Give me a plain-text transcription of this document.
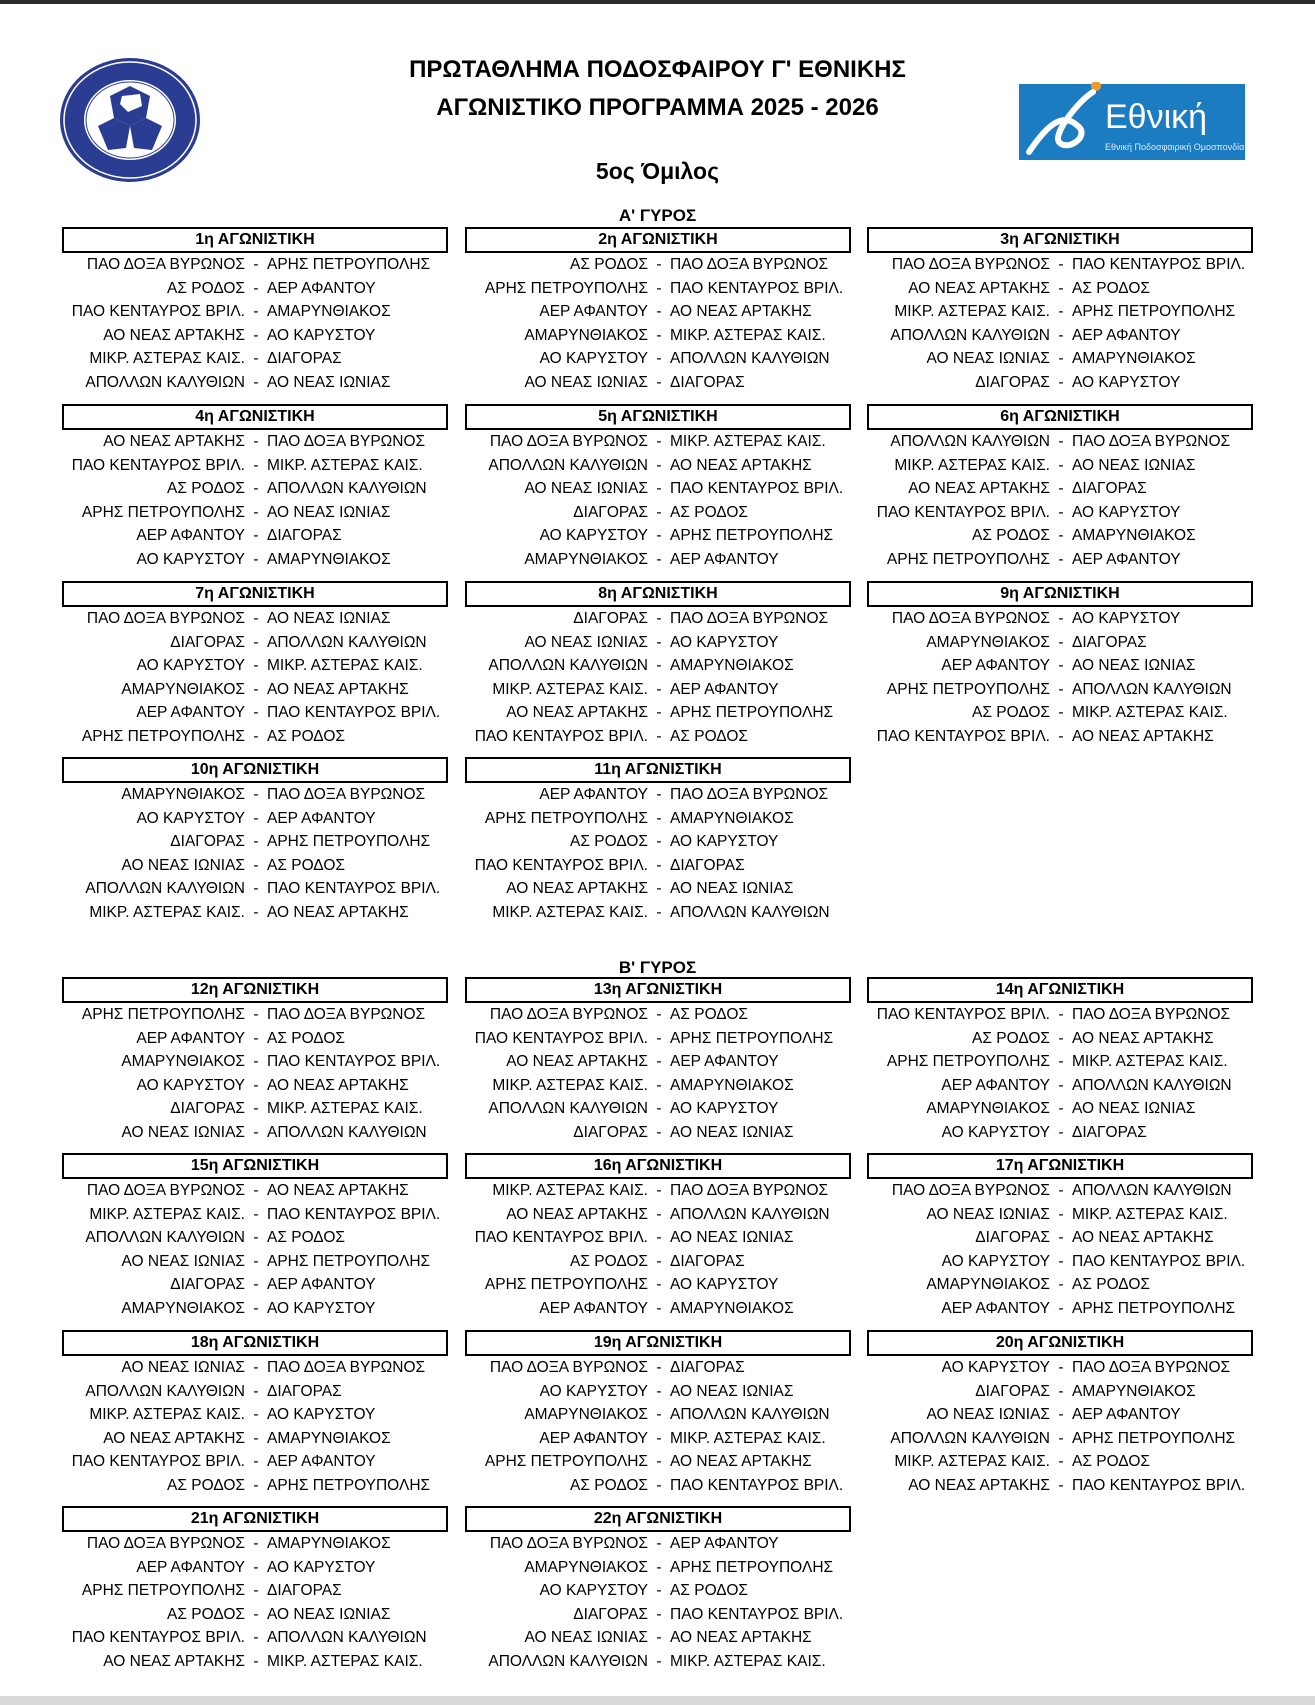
Εθνική
Εθνική Ποδοσφαιρική Ομοσπονδία
ΠΡΩΤΑΘΛΗΜΑ ΠΟΔΟΣΦΑΙΡΟΥ Γ' ΕΘΝΙΚΗΣ
ΑΓΩΝΙΣΤΙΚΟ ΠΡΟΓΡΑΜΜΑ 2025 - 2026
5ος Όμιλος
Α' ΓΥΡΟΣ
Β' ΓΥΡΟΣ
1η ΑΓΩΝΙΣΤΙΚΗ
ΠΑΟ ΔΟΞΑ ΒΥΡΩΝΟΣ - ΑΡΗΣ ΠΕΤΡΟΥΠΟΛΗΣ
ΑΣ ΡΟΔΟΣ - ΑΕΡ ΑΦΑΝΤΟΥ
ΠΑΟ ΚΕΝΤΑΥΡΟΣ ΒΡΙΛ. - ΑΜΑΡΥΝΘΙΑΚΟΣ
ΑΟ ΝΕΑΣ ΑΡΤΑΚΗΣ - ΑΟ ΚΑΡΥΣΤΟΥ
ΜΙΚΡ. ΑΣΤΕΡΑΣ ΚΑΙΣ. - ΔΙΑΓΟΡΑΣ
ΑΠΟΛΛΩΝ ΚΑΛΥΘΙΩΝ - ΑΟ ΝΕΑΣ ΙΩΝΙΑΣ
2η ΑΓΩΝΙΣΤΙΚΗ
ΑΣ ΡΟΔΟΣ - ΠΑΟ ΔΟΞΑ ΒΥΡΩΝΟΣ
ΑΡΗΣ ΠΕΤΡΟΥΠΟΛΗΣ - ΠΑΟ ΚΕΝΤΑΥΡΟΣ ΒΡΙΛ.
ΑΕΡ ΑΦΑΝΤΟΥ - ΑΟ ΝΕΑΣ ΑΡΤΑΚΗΣ
ΑΜΑΡΥΝΘΙΑΚΟΣ - ΜΙΚΡ. ΑΣΤΕΡΑΣ ΚΑΙΣ.
ΑΟ ΚΑΡΥΣΤΟΥ - ΑΠΟΛΛΩΝ ΚΑΛΥΘΙΩΝ
ΑΟ ΝΕΑΣ ΙΩΝΙΑΣ - ΔΙΑΓΟΡΑΣ
3η ΑΓΩΝΙΣΤΙΚΗ
ΠΑΟ ΔΟΞΑ ΒΥΡΩΝΟΣ - ΠΑΟ ΚΕΝΤΑΥΡΟΣ ΒΡΙΛ.
ΑΟ ΝΕΑΣ ΑΡΤΑΚΗΣ - ΑΣ ΡΟΔΟΣ
ΜΙΚΡ. ΑΣΤΕΡΑΣ ΚΑΙΣ. - ΑΡΗΣ ΠΕΤΡΟΥΠΟΛΗΣ
ΑΠΟΛΛΩΝ ΚΑΛΥΘΙΩΝ - ΑΕΡ ΑΦΑΝΤΟΥ
ΑΟ ΝΕΑΣ ΙΩΝΙΑΣ - ΑΜΑΡΥΝΘΙΑΚΟΣ
ΔΙΑΓΟΡΑΣ - ΑΟ ΚΑΡΥΣΤΟΥ
4η ΑΓΩΝΙΣΤΙΚΗ
ΑΟ ΝΕΑΣ ΑΡΤΑΚΗΣ - ΠΑΟ ΔΟΞΑ ΒΥΡΩΝΟΣ
ΠΑΟ ΚΕΝΤΑΥΡΟΣ ΒΡΙΛ. - ΜΙΚΡ. ΑΣΤΕΡΑΣ ΚΑΙΣ.
ΑΣ ΡΟΔΟΣ - ΑΠΟΛΛΩΝ ΚΑΛΥΘΙΩΝ
ΑΡΗΣ ΠΕΤΡΟΥΠΟΛΗΣ - ΑΟ ΝΕΑΣ ΙΩΝΙΑΣ
ΑΕΡ ΑΦΑΝΤΟΥ - ΔΙΑΓΟΡΑΣ
ΑΟ ΚΑΡΥΣΤΟΥ - ΑΜΑΡΥΝΘΙΑΚΟΣ
5η ΑΓΩΝΙΣΤΙΚΗ
ΠΑΟ ΔΟΞΑ ΒΥΡΩΝΟΣ - ΜΙΚΡ. ΑΣΤΕΡΑΣ ΚΑΙΣ.
ΑΠΟΛΛΩΝ ΚΑΛΥΘΙΩΝ - ΑΟ ΝΕΑΣ ΑΡΤΑΚΗΣ
ΑΟ ΝΕΑΣ ΙΩΝΙΑΣ - ΠΑΟ ΚΕΝΤΑΥΡΟΣ ΒΡΙΛ.
ΔΙΑΓΟΡΑΣ - ΑΣ ΡΟΔΟΣ
ΑΟ ΚΑΡΥΣΤΟΥ - ΑΡΗΣ ΠΕΤΡΟΥΠΟΛΗΣ
ΑΜΑΡΥΝΘΙΑΚΟΣ - ΑΕΡ ΑΦΑΝΤΟΥ
6η ΑΓΩΝΙΣΤΙΚΗ
ΑΠΟΛΛΩΝ ΚΑΛΥΘΙΩΝ - ΠΑΟ ΔΟΞΑ ΒΥΡΩΝΟΣ
ΜΙΚΡ. ΑΣΤΕΡΑΣ ΚΑΙΣ. - ΑΟ ΝΕΑΣ ΙΩΝΙΑΣ
ΑΟ ΝΕΑΣ ΑΡΤΑΚΗΣ - ΔΙΑΓΟΡΑΣ
ΠΑΟ ΚΕΝΤΑΥΡΟΣ ΒΡΙΛ. - ΑΟ ΚΑΡΥΣΤΟΥ
ΑΣ ΡΟΔΟΣ - ΑΜΑΡΥΝΘΙΑΚΟΣ
ΑΡΗΣ ΠΕΤΡΟΥΠΟΛΗΣ - ΑΕΡ ΑΦΑΝΤΟΥ
7η ΑΓΩΝΙΣΤΙΚΗ
ΠΑΟ ΔΟΞΑ ΒΥΡΩΝΟΣ - ΑΟ ΝΕΑΣ ΙΩΝΙΑΣ
ΔΙΑΓΟΡΑΣ - ΑΠΟΛΛΩΝ ΚΑΛΥΘΙΩΝ
ΑΟ ΚΑΡΥΣΤΟΥ - ΜΙΚΡ. ΑΣΤΕΡΑΣ ΚΑΙΣ.
ΑΜΑΡΥΝΘΙΑΚΟΣ - ΑΟ ΝΕΑΣ ΑΡΤΑΚΗΣ
ΑΕΡ ΑΦΑΝΤΟΥ - ΠΑΟ ΚΕΝΤΑΥΡΟΣ ΒΡΙΛ.
ΑΡΗΣ ΠΕΤΡΟΥΠΟΛΗΣ - ΑΣ ΡΟΔΟΣ
8η ΑΓΩΝΙΣΤΙΚΗ
ΔΙΑΓΟΡΑΣ - ΠΑΟ ΔΟΞΑ ΒΥΡΩΝΟΣ
ΑΟ ΝΕΑΣ ΙΩΝΙΑΣ - ΑΟ ΚΑΡΥΣΤΟΥ
ΑΠΟΛΛΩΝ ΚΑΛΥΘΙΩΝ - ΑΜΑΡΥΝΘΙΑΚΟΣ
ΜΙΚΡ. ΑΣΤΕΡΑΣ ΚΑΙΣ. - ΑΕΡ ΑΦΑΝΤΟΥ
ΑΟ ΝΕΑΣ ΑΡΤΑΚΗΣ - ΑΡΗΣ ΠΕΤΡΟΥΠΟΛΗΣ
ΠΑΟ ΚΕΝΤΑΥΡΟΣ ΒΡΙΛ. - ΑΣ ΡΟΔΟΣ
9η ΑΓΩΝΙΣΤΙΚΗ
ΠΑΟ ΔΟΞΑ ΒΥΡΩΝΟΣ - ΑΟ ΚΑΡΥΣΤΟΥ
ΑΜΑΡΥΝΘΙΑΚΟΣ - ΔΙΑΓΟΡΑΣ
ΑΕΡ ΑΦΑΝΤΟΥ - ΑΟ ΝΕΑΣ ΙΩΝΙΑΣ
ΑΡΗΣ ΠΕΤΡΟΥΠΟΛΗΣ - ΑΠΟΛΛΩΝ ΚΑΛΥΘΙΩΝ
ΑΣ ΡΟΔΟΣ - ΜΙΚΡ. ΑΣΤΕΡΑΣ ΚΑΙΣ.
ΠΑΟ ΚΕΝΤΑΥΡΟΣ ΒΡΙΛ. - ΑΟ ΝΕΑΣ ΑΡΤΑΚΗΣ
10η ΑΓΩΝΙΣΤΙΚΗ
ΑΜΑΡΥΝΘΙΑΚΟΣ - ΠΑΟ ΔΟΞΑ ΒΥΡΩΝΟΣ
ΑΟ ΚΑΡΥΣΤΟΥ - ΑΕΡ ΑΦΑΝΤΟΥ
ΔΙΑΓΟΡΑΣ - ΑΡΗΣ ΠΕΤΡΟΥΠΟΛΗΣ
ΑΟ ΝΕΑΣ ΙΩΝΙΑΣ - ΑΣ ΡΟΔΟΣ
ΑΠΟΛΛΩΝ ΚΑΛΥΘΙΩΝ - ΠΑΟ ΚΕΝΤΑΥΡΟΣ ΒΡΙΛ.
ΜΙΚΡ. ΑΣΤΕΡΑΣ ΚΑΙΣ. - ΑΟ ΝΕΑΣ ΑΡΤΑΚΗΣ
11η ΑΓΩΝΙΣΤΙΚΗ
ΑΕΡ ΑΦΑΝΤΟΥ - ΠΑΟ ΔΟΞΑ ΒΥΡΩΝΟΣ
ΑΡΗΣ ΠΕΤΡΟΥΠΟΛΗΣ - ΑΜΑΡΥΝΘΙΑΚΟΣ
ΑΣ ΡΟΔΟΣ - ΑΟ ΚΑΡΥΣΤΟΥ
ΠΑΟ ΚΕΝΤΑΥΡΟΣ ΒΡΙΛ. - ΔΙΑΓΟΡΑΣ
ΑΟ ΝΕΑΣ ΑΡΤΑΚΗΣ - ΑΟ ΝΕΑΣ ΙΩΝΙΑΣ
ΜΙΚΡ. ΑΣΤΕΡΑΣ ΚΑΙΣ. - ΑΠΟΛΛΩΝ ΚΑΛΥΘΙΩΝ
12η ΑΓΩΝΙΣΤΙΚΗ
ΑΡΗΣ ΠΕΤΡΟΥΠΟΛΗΣ - ΠΑΟ ΔΟΞΑ ΒΥΡΩΝΟΣ
ΑΕΡ ΑΦΑΝΤΟΥ - ΑΣ ΡΟΔΟΣ
ΑΜΑΡΥΝΘΙΑΚΟΣ - ΠΑΟ ΚΕΝΤΑΥΡΟΣ ΒΡΙΛ.
ΑΟ ΚΑΡΥΣΤΟΥ - ΑΟ ΝΕΑΣ ΑΡΤΑΚΗΣ
ΔΙΑΓΟΡΑΣ - ΜΙΚΡ. ΑΣΤΕΡΑΣ ΚΑΙΣ.
ΑΟ ΝΕΑΣ ΙΩΝΙΑΣ - ΑΠΟΛΛΩΝ ΚΑΛΥΘΙΩΝ
13η ΑΓΩΝΙΣΤΙΚΗ
ΠΑΟ ΔΟΞΑ ΒΥΡΩΝΟΣ - ΑΣ ΡΟΔΟΣ
ΠΑΟ ΚΕΝΤΑΥΡΟΣ ΒΡΙΛ. - ΑΡΗΣ ΠΕΤΡΟΥΠΟΛΗΣ
ΑΟ ΝΕΑΣ ΑΡΤΑΚΗΣ - ΑΕΡ ΑΦΑΝΤΟΥ
ΜΙΚΡ. ΑΣΤΕΡΑΣ ΚΑΙΣ. - ΑΜΑΡΥΝΘΙΑΚΟΣ
ΑΠΟΛΛΩΝ ΚΑΛΥΘΙΩΝ - ΑΟ ΚΑΡΥΣΤΟΥ
ΔΙΑΓΟΡΑΣ - ΑΟ ΝΕΑΣ ΙΩΝΙΑΣ
14η ΑΓΩΝΙΣΤΙΚΗ
ΠΑΟ ΚΕΝΤΑΥΡΟΣ ΒΡΙΛ. - ΠΑΟ ΔΟΞΑ ΒΥΡΩΝΟΣ
ΑΣ ΡΟΔΟΣ - ΑΟ ΝΕΑΣ ΑΡΤΑΚΗΣ
ΑΡΗΣ ΠΕΤΡΟΥΠΟΛΗΣ - ΜΙΚΡ. ΑΣΤΕΡΑΣ ΚΑΙΣ.
ΑΕΡ ΑΦΑΝΤΟΥ - ΑΠΟΛΛΩΝ ΚΑΛΥΘΙΩΝ
ΑΜΑΡΥΝΘΙΑΚΟΣ - ΑΟ ΝΕΑΣ ΙΩΝΙΑΣ
ΑΟ ΚΑΡΥΣΤΟΥ - ΔΙΑΓΟΡΑΣ
15η ΑΓΩΝΙΣΤΙΚΗ
ΠΑΟ ΔΟΞΑ ΒΥΡΩΝΟΣ - ΑΟ ΝΕΑΣ ΑΡΤΑΚΗΣ
ΜΙΚΡ. ΑΣΤΕΡΑΣ ΚΑΙΣ. - ΠΑΟ ΚΕΝΤΑΥΡΟΣ ΒΡΙΛ.
ΑΠΟΛΛΩΝ ΚΑΛΥΘΙΩΝ - ΑΣ ΡΟΔΟΣ
ΑΟ ΝΕΑΣ ΙΩΝΙΑΣ - ΑΡΗΣ ΠΕΤΡΟΥΠΟΛΗΣ
ΔΙΑΓΟΡΑΣ - ΑΕΡ ΑΦΑΝΤΟΥ
ΑΜΑΡΥΝΘΙΑΚΟΣ - ΑΟ ΚΑΡΥΣΤΟΥ
16η ΑΓΩΝΙΣΤΙΚΗ
ΜΙΚΡ. ΑΣΤΕΡΑΣ ΚΑΙΣ. - ΠΑΟ ΔΟΞΑ ΒΥΡΩΝΟΣ
ΑΟ ΝΕΑΣ ΑΡΤΑΚΗΣ - ΑΠΟΛΛΩΝ ΚΑΛΥΘΙΩΝ
ΠΑΟ ΚΕΝΤΑΥΡΟΣ ΒΡΙΛ. - ΑΟ ΝΕΑΣ ΙΩΝΙΑΣ
ΑΣ ΡΟΔΟΣ - ΔΙΑΓΟΡΑΣ
ΑΡΗΣ ΠΕΤΡΟΥΠΟΛΗΣ - ΑΟ ΚΑΡΥΣΤΟΥ
ΑΕΡ ΑΦΑΝΤΟΥ - ΑΜΑΡΥΝΘΙΑΚΟΣ
17η ΑΓΩΝΙΣΤΙΚΗ
ΠΑΟ ΔΟΞΑ ΒΥΡΩΝΟΣ - ΑΠΟΛΛΩΝ ΚΑΛΥΘΙΩΝ
ΑΟ ΝΕΑΣ ΙΩΝΙΑΣ - ΜΙΚΡ. ΑΣΤΕΡΑΣ ΚΑΙΣ.
ΔΙΑΓΟΡΑΣ - ΑΟ ΝΕΑΣ ΑΡΤΑΚΗΣ
ΑΟ ΚΑΡΥΣΤΟΥ - ΠΑΟ ΚΕΝΤΑΥΡΟΣ ΒΡΙΛ.
ΑΜΑΡΥΝΘΙΑΚΟΣ - ΑΣ ΡΟΔΟΣ
ΑΕΡ ΑΦΑΝΤΟΥ - ΑΡΗΣ ΠΕΤΡΟΥΠΟΛΗΣ
18η ΑΓΩΝΙΣΤΙΚΗ
ΑΟ ΝΕΑΣ ΙΩΝΙΑΣ - ΠΑΟ ΔΟΞΑ ΒΥΡΩΝΟΣ
ΑΠΟΛΛΩΝ ΚΑΛΥΘΙΩΝ - ΔΙΑΓΟΡΑΣ
ΜΙΚΡ. ΑΣΤΕΡΑΣ ΚΑΙΣ. - ΑΟ ΚΑΡΥΣΤΟΥ
ΑΟ ΝΕΑΣ ΑΡΤΑΚΗΣ - ΑΜΑΡΥΝΘΙΑΚΟΣ
ΠΑΟ ΚΕΝΤΑΥΡΟΣ ΒΡΙΛ. - ΑΕΡ ΑΦΑΝΤΟΥ
ΑΣ ΡΟΔΟΣ - ΑΡΗΣ ΠΕΤΡΟΥΠΟΛΗΣ
19η ΑΓΩΝΙΣΤΙΚΗ
ΠΑΟ ΔΟΞΑ ΒΥΡΩΝΟΣ - ΔΙΑΓΟΡΑΣ
ΑΟ ΚΑΡΥΣΤΟΥ - ΑΟ ΝΕΑΣ ΙΩΝΙΑΣ
ΑΜΑΡΥΝΘΙΑΚΟΣ - ΑΠΟΛΛΩΝ ΚΑΛΥΘΙΩΝ
ΑΕΡ ΑΦΑΝΤΟΥ - ΜΙΚΡ. ΑΣΤΕΡΑΣ ΚΑΙΣ.
ΑΡΗΣ ΠΕΤΡΟΥΠΟΛΗΣ - ΑΟ ΝΕΑΣ ΑΡΤΑΚΗΣ
ΑΣ ΡΟΔΟΣ - ΠΑΟ ΚΕΝΤΑΥΡΟΣ ΒΡΙΛ.
20η ΑΓΩΝΙΣΤΙΚΗ
ΑΟ ΚΑΡΥΣΤΟΥ - ΠΑΟ ΔΟΞΑ ΒΥΡΩΝΟΣ
ΔΙΑΓΟΡΑΣ - ΑΜΑΡΥΝΘΙΑΚΟΣ
ΑΟ ΝΕΑΣ ΙΩΝΙΑΣ - ΑΕΡ ΑΦΑΝΤΟΥ
ΑΠΟΛΛΩΝ ΚΑΛΥΘΙΩΝ - ΑΡΗΣ ΠΕΤΡΟΥΠΟΛΗΣ
ΜΙΚΡ. ΑΣΤΕΡΑΣ ΚΑΙΣ. - ΑΣ ΡΟΔΟΣ
ΑΟ ΝΕΑΣ ΑΡΤΑΚΗΣ - ΠΑΟ ΚΕΝΤΑΥΡΟΣ ΒΡΙΛ.
21η ΑΓΩΝΙΣΤΙΚΗ
ΠΑΟ ΔΟΞΑ ΒΥΡΩΝΟΣ - ΑΜΑΡΥΝΘΙΑΚΟΣ
ΑΕΡ ΑΦΑΝΤΟΥ - ΑΟ ΚΑΡΥΣΤΟΥ
ΑΡΗΣ ΠΕΤΡΟΥΠΟΛΗΣ - ΔΙΑΓΟΡΑΣ
ΑΣ ΡΟΔΟΣ - ΑΟ ΝΕΑΣ ΙΩΝΙΑΣ
ΠΑΟ ΚΕΝΤΑΥΡΟΣ ΒΡΙΛ. - ΑΠΟΛΛΩΝ ΚΑΛΥΘΙΩΝ
ΑΟ ΝΕΑΣ ΑΡΤΑΚΗΣ - ΜΙΚΡ. ΑΣΤΕΡΑΣ ΚΑΙΣ.
22η ΑΓΩΝΙΣΤΙΚΗ
ΠΑΟ ΔΟΞΑ ΒΥΡΩΝΟΣ - ΑΕΡ ΑΦΑΝΤΟΥ
ΑΜΑΡΥΝΘΙΑΚΟΣ - ΑΡΗΣ ΠΕΤΡΟΥΠΟΛΗΣ
ΑΟ ΚΑΡΥΣΤΟΥ - ΑΣ ΡΟΔΟΣ
ΔΙΑΓΟΡΑΣ - ΠΑΟ ΚΕΝΤΑΥΡΟΣ ΒΡΙΛ.
ΑΟ ΝΕΑΣ ΙΩΝΙΑΣ - ΑΟ ΝΕΑΣ ΑΡΤΑΚΗΣ
ΑΠΟΛΛΩΝ ΚΑΛΥΘΙΩΝ - ΜΙΚΡ. ΑΣΤΕΡΑΣ ΚΑΙΣ.
